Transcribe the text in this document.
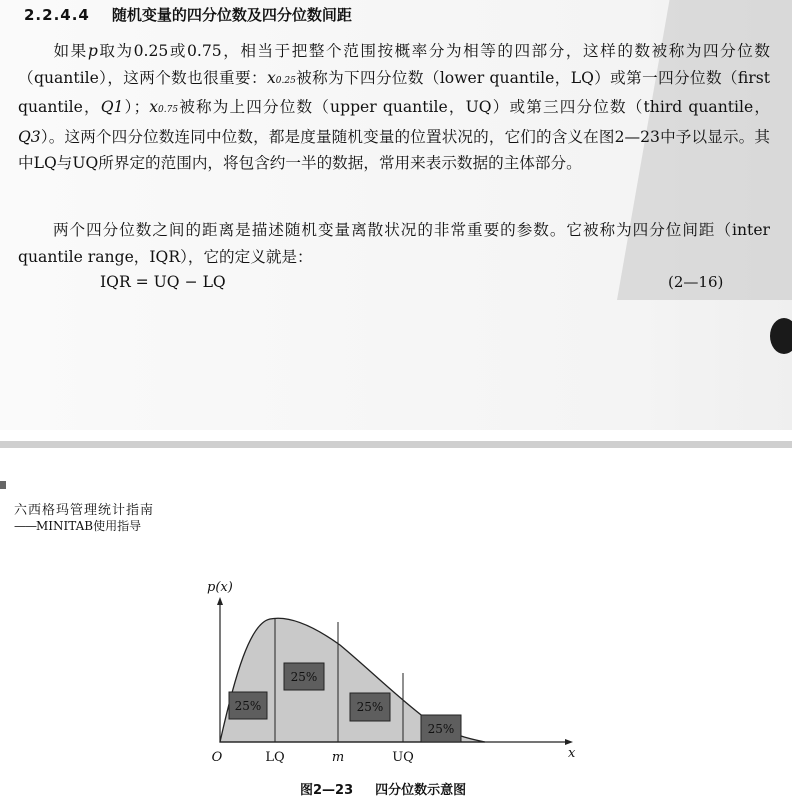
2.2.4.4 随机变量的四分位数及四分位数间距

如果p取为0.25或0.75，相当于把整个范围按概率分为相等的四部分，这样的数被称为四分位数（quantile），这两个数也很重要：x0.25被称为下四分位数（lower quantile，LQ）或第一四分位数（first quantile，Q1）；x0.75被称为上四分位数（upper quantile，UQ）或第三四分位数（third quantile，Q3）。这两个四分位数连同中位数，都是度量随机变量的位置状况的，它们的含义在图2—23中予以显示。其中LQ与UQ所界定的范围内，将包含约一半的数据，常用来表示数据的主体部分。

两个四分位数之间的距离是描述随机变量离散状况的非常重要的参数。它被称为四分位间距（inter quantile range，IQR），它的定义就是：

IQR = UQ − LQ	(2—16)
六西格玛管理统计指南
——MINITAB使用指导
25%
25%
25%
25%
p(x)
x
O	LQ	m	UQ
图2—23 四分位数示意图
